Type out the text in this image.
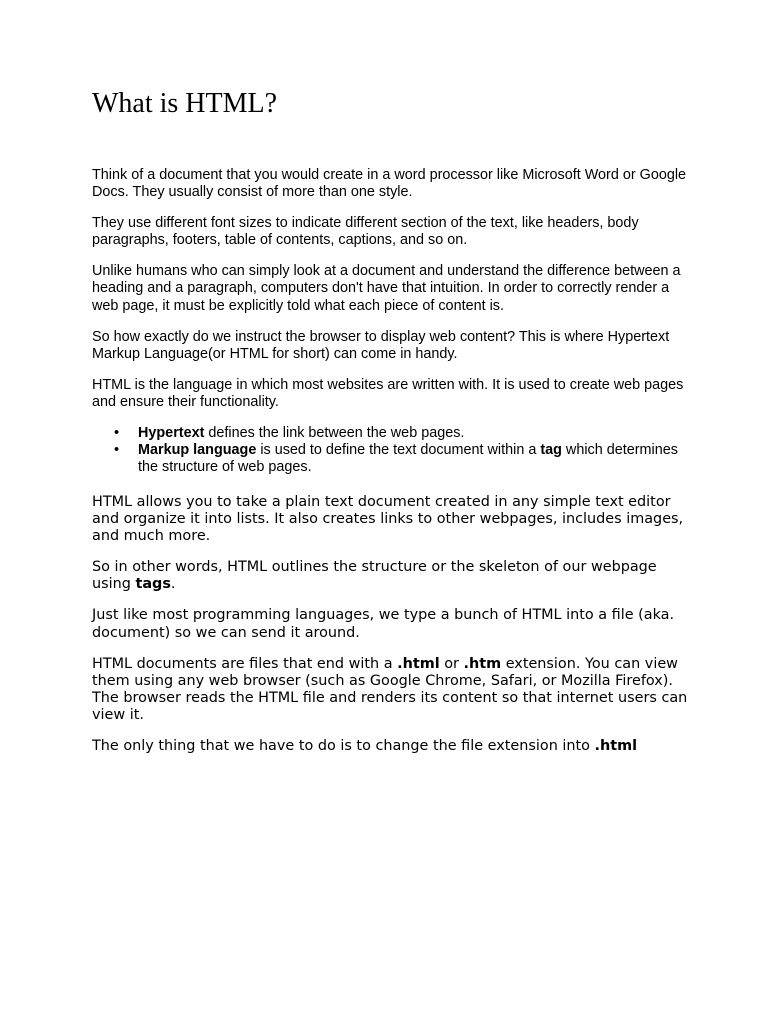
What is HTML?

Think of a document that you would create in a word processor like Microsoft Word or Google Docs. They usually consist of more than one style.

They use different font sizes to indicate different section of the text, like headers, body paragraphs, footers, table of contents, captions, and so on.

Unlike humans who can simply look at a document and understand the difference between a heading and a paragraph, computers don't have that intuition. In order to correctly render a web page, it must be explicitly told what each piece of content is.

So how exactly do we instruct the browser to display web content? This is where Hypertext Markup Language(or HTML for short) can come in handy.

HTML is the language in which most websites are written with. It is used to create web pages and ensure their functionality.

• Hypertext defines the link between the web pages.
• Markup language is used to define the text document within a tag which determines the structure of web pages.

HTML allows you to take a plain text document created in any simple text editor and organize it into lists. It also creates links to other webpages, includes images, and much more.

So in other words, HTML outlines the structure or the skeleton of our webpage using tags.

Just like most programming languages, we type a bunch of HTML into a file (aka. document) so we can send it around.

HTML documents are files that end with a .html or .htm extension. You can view them using any web browser (such as Google Chrome, Safari, or Mozilla Firefox). The browser reads the HTML file and renders its content so that internet users can view it.

The only thing that we have to do is to change the file extension into .html
